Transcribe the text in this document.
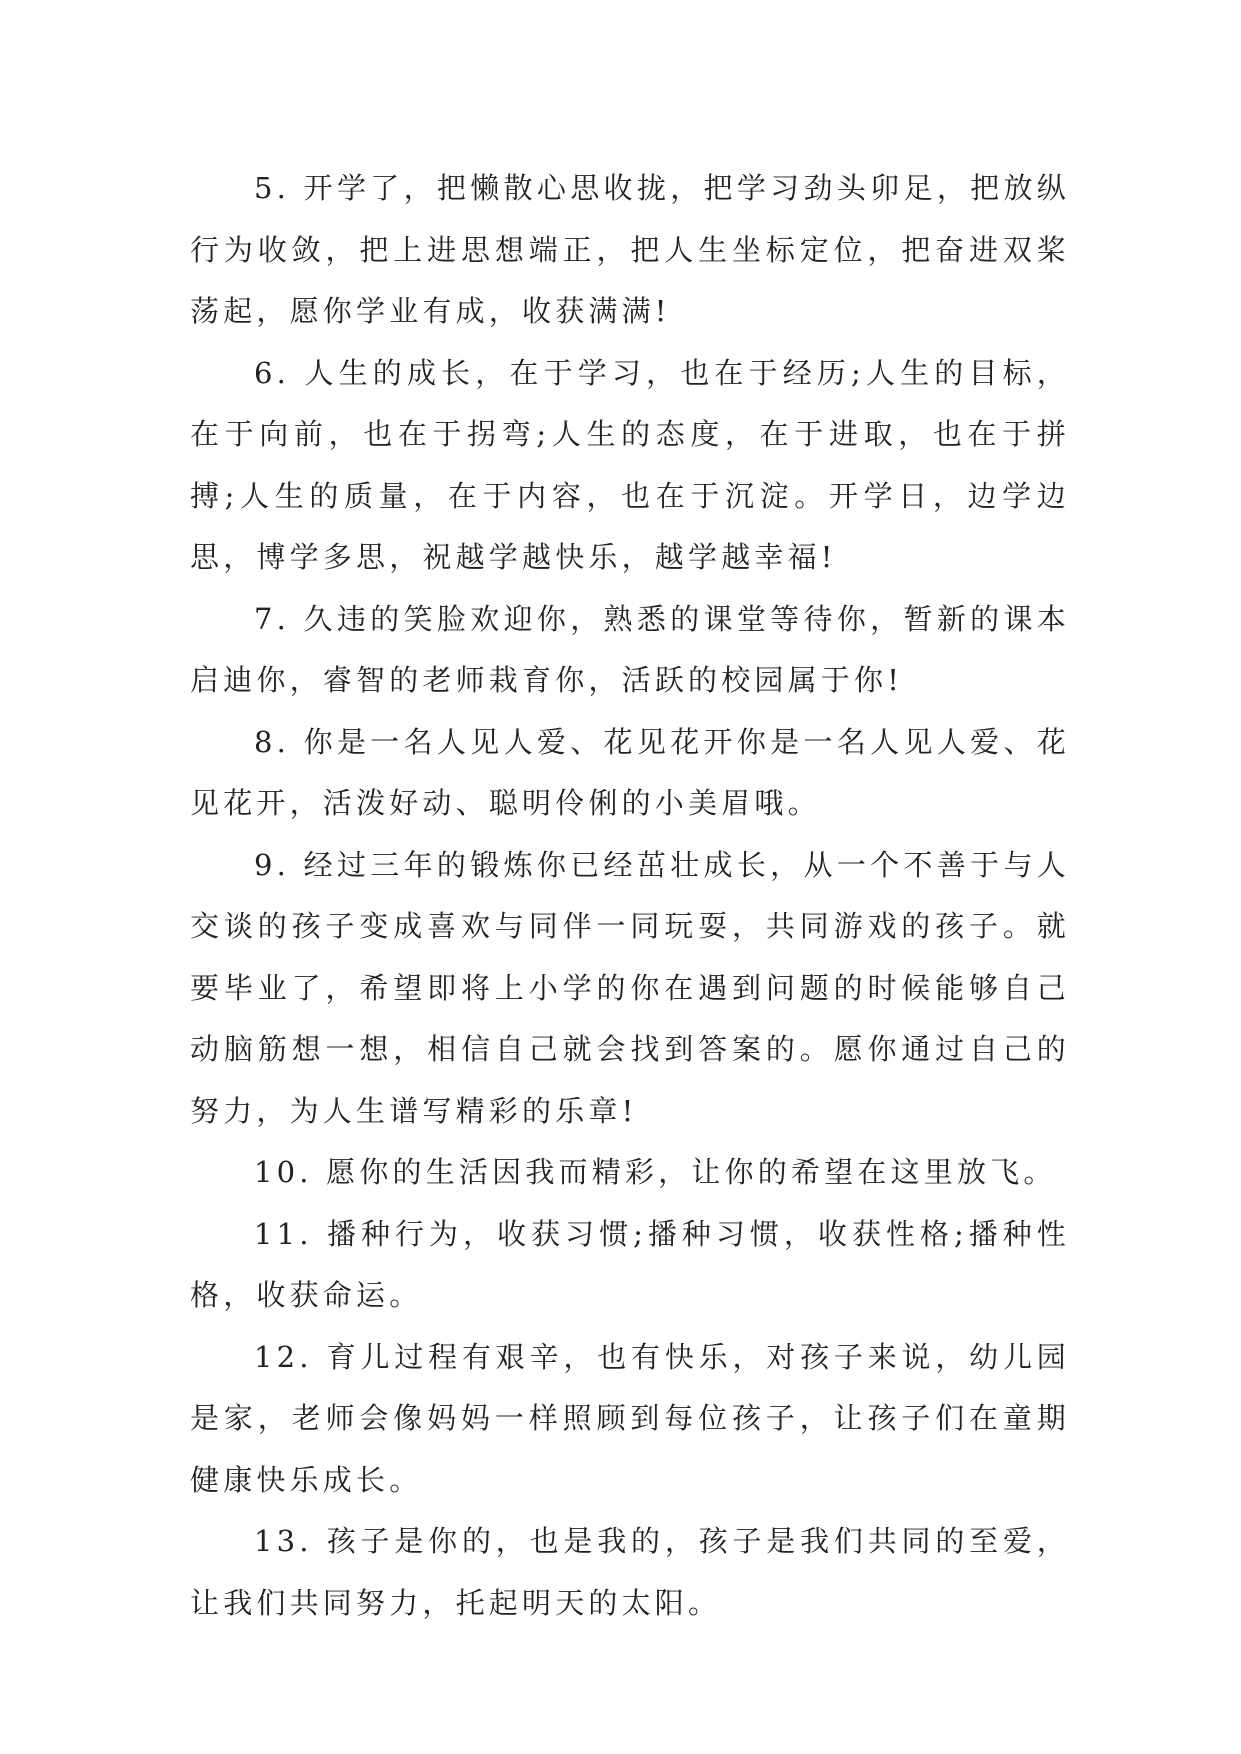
5. 开学了，把懒散心思收拢，把学习劲头卯足，把放纵行为收敛，把上进思想端正，把人生坐标定位，把奋进双桨荡起，愿你学业有成，收获满满!

6. 人生的成长，在于学习，也在于经历;人生的目标，在于向前，也在于拐弯;人生的态度，在于进取，也在于拼搏;人生的质量，在于内容，也在于沉淀。开学日，边学边思，博学多思，祝越学越快乐，越学越幸福!

7. 久违的笑脸欢迎你，熟悉的课堂等待你，暂新的课本启迪你，睿智的老师栽育你，活跃的校园属于你!

8. 你是一名人见人爱、花见花开你是一名人见人爱、花见花开，活泼好动、聪明伶俐的小美眉哦。

9. 经过三年的锻炼你已经茁壮成长，从一个不善于与人交谈的孩子变成喜欢与同伴一同玩耍，共同游戏的孩子。就要毕业了，希望即将上小学的你在遇到问题的时候能够自己动脑筋想一想，相信自己就会找到答案的。愿你通过自己的努力，为人生谱写精彩的乐章!

10. 愿你的生活因我而精彩，让你的希望在这里放飞。

11. 播种行为，收获习惯;播种习惯，收获性格;播种性格，收获命运。

12. 育儿过程有艰辛，也有快乐，对孩子来说，幼儿园是家，老师会像妈妈一样照顾到每位孩子，让孩子们在童期健康快乐成长。

13. 孩子是你的，也是我的，孩子是我们共同的至爱，让我们共同努力，托起明天的太阳。
